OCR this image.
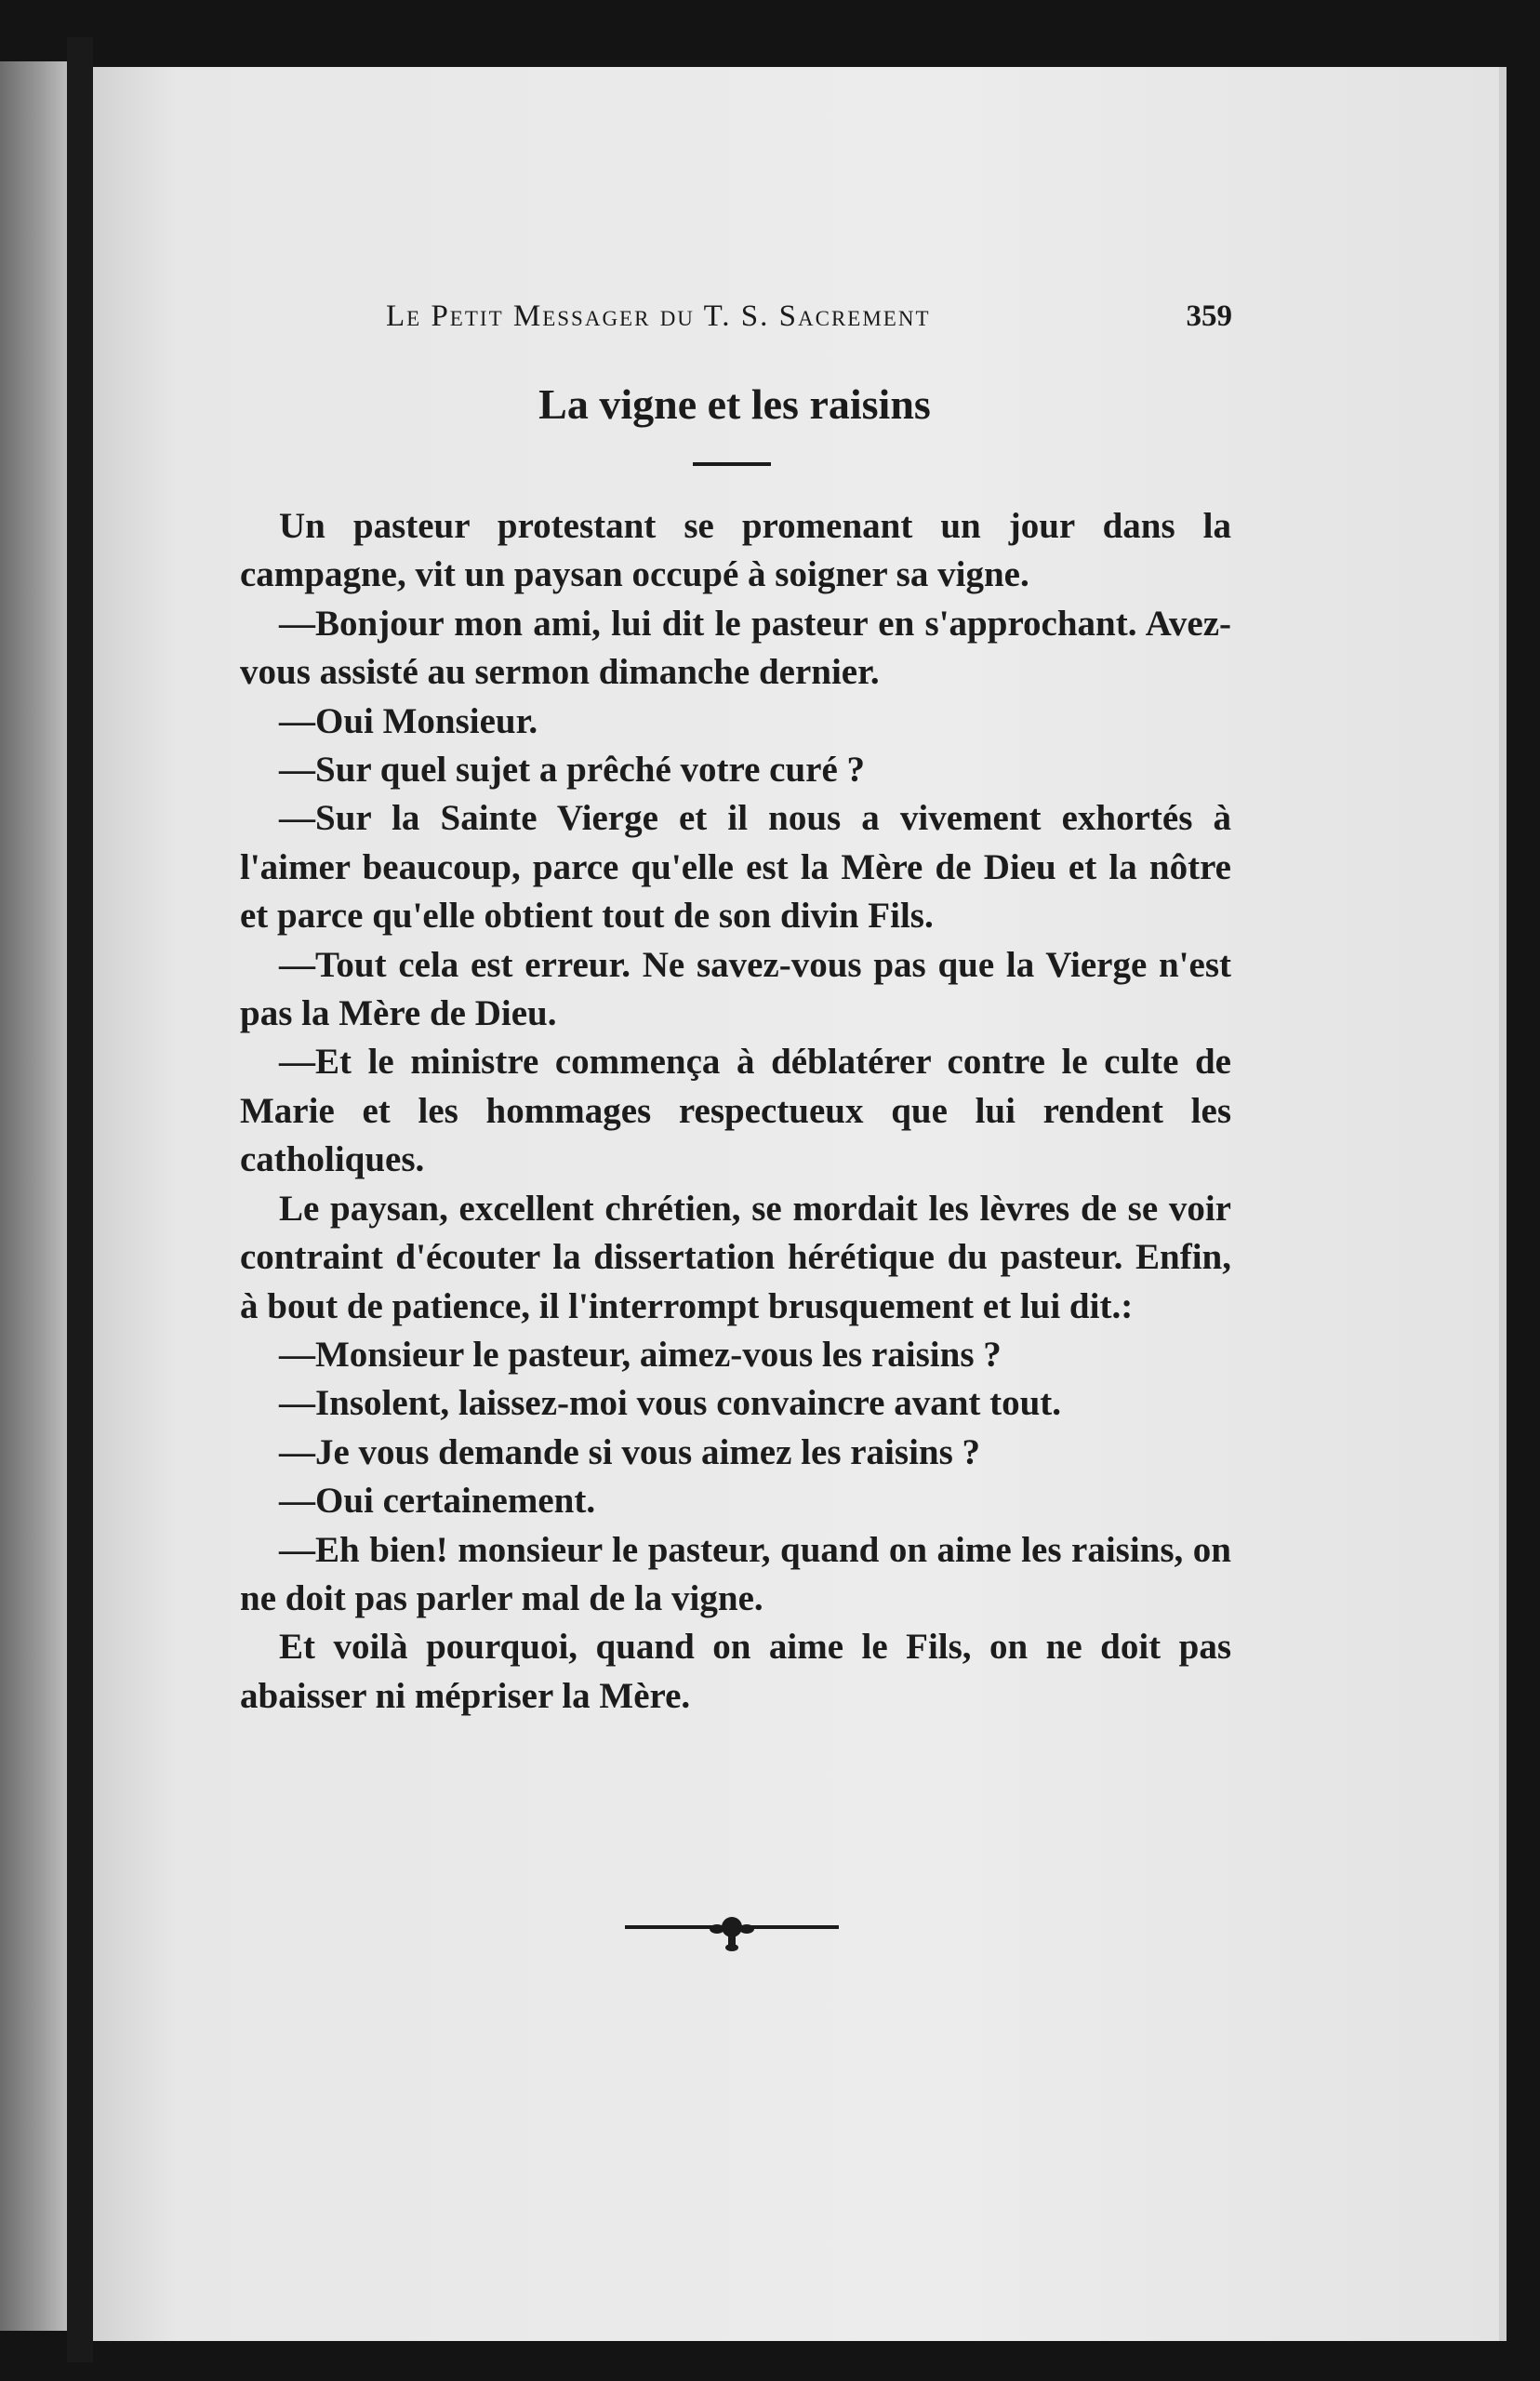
Le Petit Messager du T. S. Sacrement	359
La vigne et les raisins

Un pasteur protestant se promenant un jour dans la campagne, vit un paysan occupé à soigner sa vigne.

—Bonjour mon ami, lui dit le pasteur en s'approchant. Avez-vous assisté au sermon dimanche dernier.

—Oui Monsieur.

—Sur quel sujet a prêché votre curé ?

—Sur la Sainte Vierge et il nous a vivement exhortés à l'aimer beaucoup, parce qu'elle est la Mère de Dieu et la nôtre et parce qu'elle obtient tout de son divin Fils.

—Tout cela est erreur. Ne savez-vous pas que la Vierge n'est pas la Mère de Dieu.

—Et le ministre commença à déblatérer contre le culte de Marie et les hommages respectueux que lui rendent les catholiques.

Le paysan, excellent chrétien, se mordait les lèvres de se voir contraint d'écouter la dissertation hérétique du pasteur. Enfin, à bout de patience, il l'interrompt brusquement et lui dit.:

—Monsieur le pasteur, aimez-vous les raisins ?

—Insolent, laissez-moi vous convaincre avant tout.

—Je vous demande si vous aimez les raisins ?

—Oui certainement.

—Eh bien! monsieur le pasteur, quand on aime les raisins, on ne doit pas parler mal de la vigne.

Et voilà pourquoi, quand on aime le Fils, on ne doit pas abaisser ni mépriser la Mère.
